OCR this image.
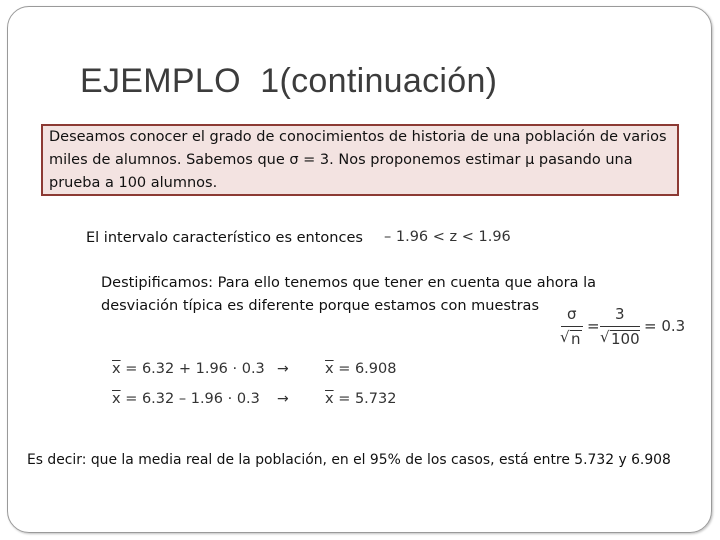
EJEMPLO  1(continuación)
Deseamos conocer el grado de conocimientos de historia de una población de varios
miles de alumnos. Sabemos que σ = 3. Nos proponemos estimar μ pasando una
prueba a 100 alumnos.
El intervalo característico es entonces – 1.96 < z < 1.96
Destipificamos: Para ello tenemos que tener en cuenta que ahora la
desviación típica es diferente porque estamos con muestras σ
√ n
=
3
√ 100
= 0.3
$\overline{x} = 6.32 + 1.96 \cdot 0.3$ →	$\overline{x} = 6.908$
$\overline{x} = 6.32 - 1.96 \cdot 0.3$ →	$\overline{x} = 5.732$
Es decir: que la media real de la población, en el 95% de los casos, está entre 5.732 y 6.908
